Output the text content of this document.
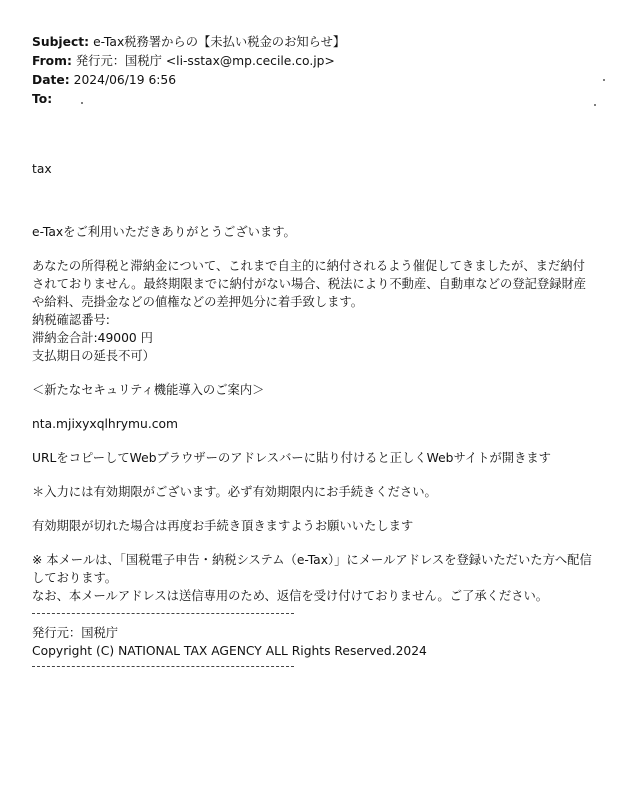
Subject: e-Tax税務署からの【未払い税金のお知らせ】
From: 発行元：国税庁 <li-sstax@mp.cecile.co.jp>
Date: 2024/06/19 6:56
To:
tax
e-Taxをご利用いただきありがとうございます。
あなたの所得税と滞納金について、これまで自主的に納付されるよう催促してきましたが、まだ納付されておりません。最終期限までに納付がない場合、税法により不動産、自動車などの登記登録財産や給料、売掛金などの値権などの差押処分に着手致します。
納税確認番号:
滞納金合計:49000 円
支払期日の延長不可）
＜新たなセキュリティ機能導入のご案内＞
nta.mjixyxqlhrymu.com
URLをコピーしてWebブラウザーのアドレスバーに貼り付けると正しくWebサイトが開きます
＊入力には有効期限がございます。必ず有効期限内にお手続きください。
有効期限が切れた場合は再度お手続き頂きますようお願いいたします
※ 本メールは、「国税電子申告・納税システム（e-Tax）」にメールアドレスを登録いただいた方へ配信しております。
なお、本メールアドレスは送信専用のため、返信を受け付けておりません。ご了承ください。
発行元：国税庁
Copyright (C) NATIONAL TAX AGENCY ALL Rights Reserved.2024
